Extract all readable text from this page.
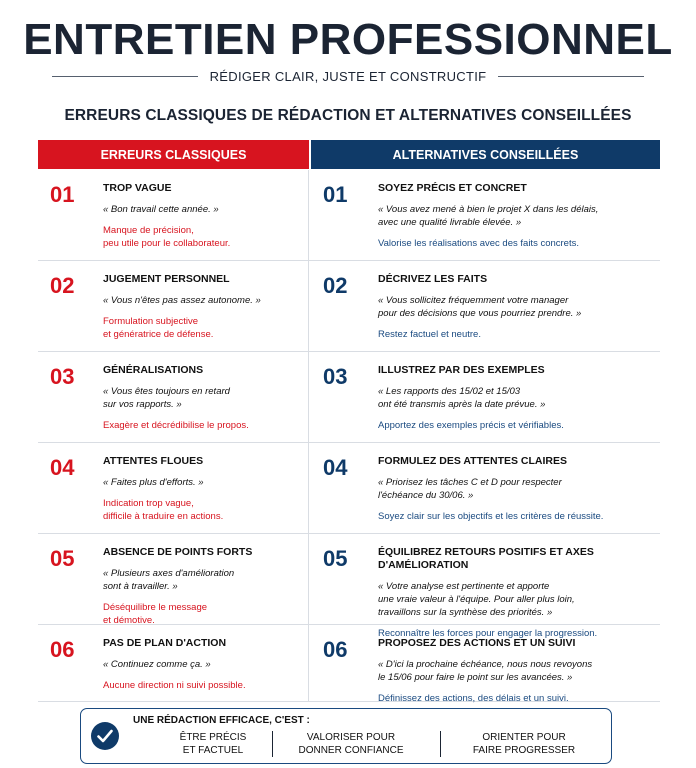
ENTRETIEN PROFESSIONNEL
RÉDIGER CLAIR, JUSTE ET CONSTRUCTIF
ERREURS CLASSIQUES DE RÉDACTION ET ALTERNATIVES CONSEILLÉES
ERREURS CLASSIQUES	ALTERNATIVES CONSEILLÉES
01	TROP VAGUE
« Bon travail cette année. »
Manque de précision,
peu utile pour le collaborateur.
01	SOYEZ PRÉCIS ET CONCRET
« Vous avez mené à bien le projet X dans les délais,
avec une qualité livrable élevée. »
Valorise les réalisations avec des faits concrets.
02	JUGEMENT PERSONNEL
« Vous n'êtes pas assez autonome. »
Formulation subjective
et génératrice de défense.
02	DÉCRIVEZ LES FAITS
« Vous sollicitez fréquemment votre manager
pour des décisions que vous pourriez prendre. »
Restez factuel et neutre.
03	GÉNÉRALISATIONS
« Vous êtes toujours en retard
sur vos rapports. »
Exagère et décrédibilise le propos.
03	ILLUSTREZ PAR DES EXEMPLES
« Les rapports des 15/02 et 15/03
ont été transmis après la date prévue. »
Apportez des exemples précis et vérifiables.
04	ATTENTES FLOUES
« Faites plus d'efforts. »
Indication trop vague,
difficile à traduire en actions.
04	FORMULEZ DES ATTENTES CLAIRES
« Priorisez les tâches C et D pour respecter
l'échéance du 30/06. »
Soyez clair sur les objectifs et les critères de réussite.
05	ABSENCE DE POINTS FORTS
« Plusieurs axes d'amélioration
sont à travailler. »
Déséquilibre le message
et démotive.
05	ÉQUILIBREZ RETOURS POSITIFS ET AXES D'AMÉLIORATION
« Votre analyse est pertinente et apporte
une vraie valeur à l'équipe. Pour aller plus loin,
travaillons sur la synthèse des priorités. »
Reconnaître les forces pour engager la progression.
06	PAS DE PLAN D'ACTION
« Continuez comme ça. »
Aucune direction ni suivi possible.
06	PROPOSEZ DES ACTIONS ET UN SUIVI
« D'ici la prochaine échéance, nous nous revoyons
le 15/06 pour faire le point sur les avancées. »
Définissez des actions, des délais et un suivi.
UNE RÉDACTION EFFICACE, C'EST :
ÊTRE PRÉCIS
ET FACTUEL
VALORISER POUR
DONNER CONFIANCE
ORIENTER POUR
FAIRE PROGRESSER
